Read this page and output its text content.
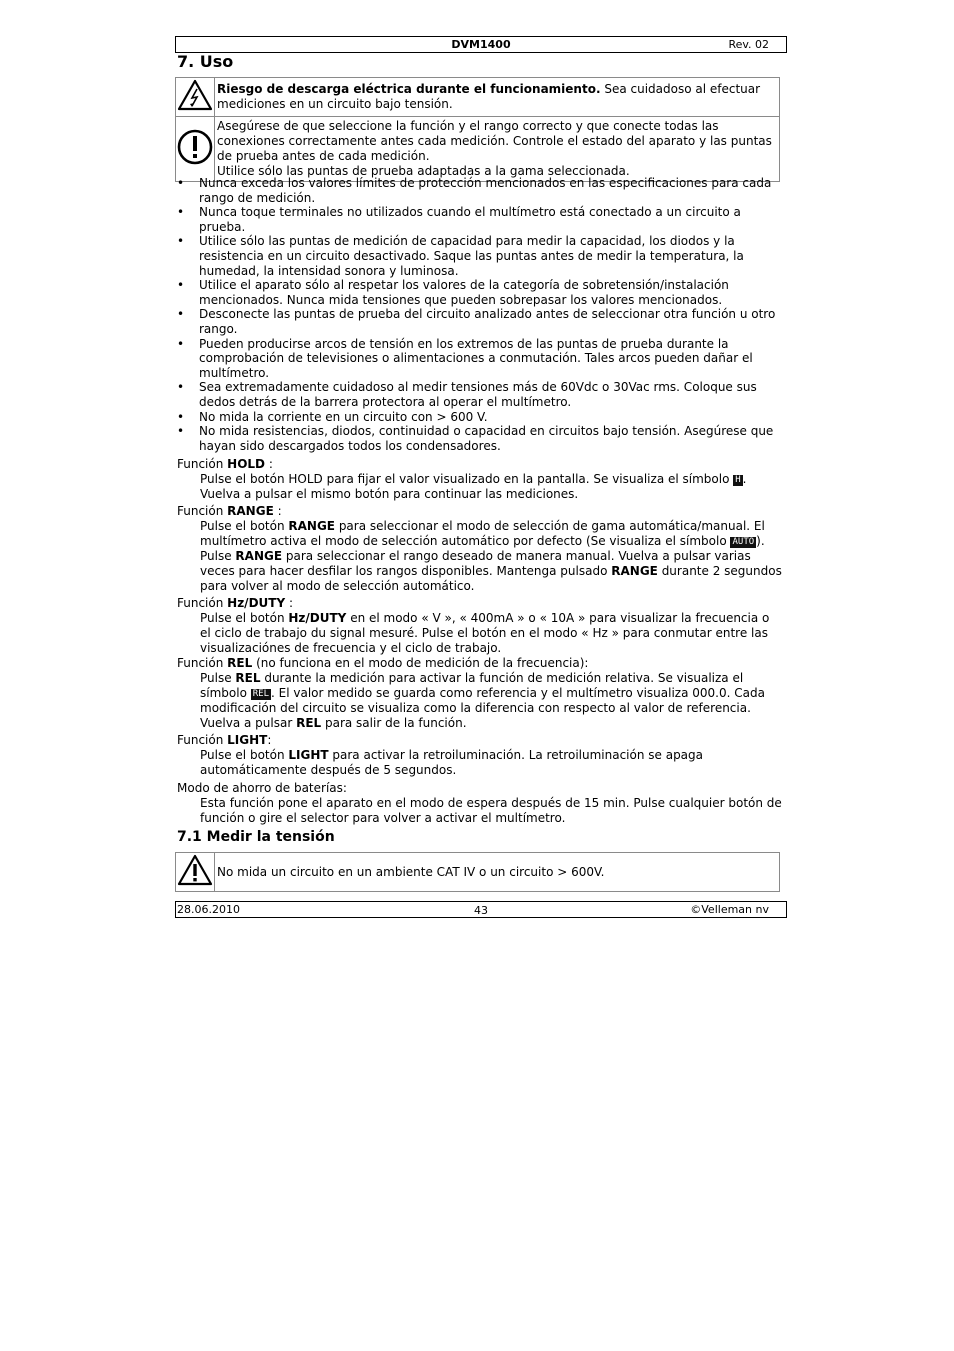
DVM1400	Rev. 02
7. Uso
	Riesgo de descarga eléctrica durante el funcionamiento. Sea cuidadoso al efectuar mediciones en un circuito bajo tensión.

Asegúrese de que seleccione la función y el rango correcto y que conecte todas las conexiones correctamente antes cada medición. Controle el estado del aparato y las puntas de prueba antes de cada medición.
Utilice sólo las puntas de prueba adaptadas a la gama seleccionada.
• Nunca exceda los valores límites de protección mencionados en las especificaciones para cada rango de medición.
• Nunca toque terminales no utilizados cuando el multímetro está conectado a un circuito a prueba.
• Utilice sólo las puntas de medición de capacidad para medir la capacidad, los diodos y la resistencia en un circuito desactivado. Saque las puntas antes de medir la temperatura, la humedad, la intensidad sonora y luminosa.
• Utilice el aparato sólo al respetar los valores de la categoría de sobretensión/instalación mencionados. Nunca mida tensiones que pueden sobrepasar los valores mencionados.
• Desconecte las puntas de prueba del circuito analizado antes de seleccionar otra función u otro rango.
• Pueden producirse arcos de tensión en los extremos de las puntas de prueba durante la comprobación de televisiones o alimentaciones a conmutación. Tales arcos pueden dañar el multímetro.
• Sea extremadamente cuidadoso al medir tensiones más de 60Vdc o 30Vac rms. Coloque sus dedos detrás de la barrera protectora al operar el multímetro.
• No mida la corriente en un circuito con > 600 V.
• No mida resistencias, diodos, continuidad o capacidad en circuitos bajo tensión. Asegúrese que hayan sido descargados todos los condensadores.
Función HOLD :
Pulse el botón HOLD para fijar el valor visualizado en la pantalla. Se visualiza el símbolo H . Vuelva a pulsar el mismo botón para continuar las mediciones.
Función RANGE :
Pulse el botón RANGE para seleccionar el modo de selección de gama automática/manual. El multímetro activa el modo de selección automático por defecto (Se visualiza el símbolo AUTO ). Pulse RANGE para seleccionar el rango deseado de manera manual. Vuelva a pulsar varias veces para hacer desfilar los rangos disponibles. Mantenga pulsado RANGE durante 2 segundos para volver al modo de selección automático.
Función Hz/DUTY :
Pulse el botón Hz/DUTY en el modo « V », « 400mA » o « 10A » para visualizar la frecuencia o el ciclo de trabajo du signal mesuré. Pulse el botón en el modo « Hz » para conmutar entre las visualizaciónes de frecuencia y el ciclo de trabajo.
Función REL (no funciona en el modo de medición de la frecuencia):
Pulse REL durante la medición para activar la función de medición relativa. Se visualiza el símbolo REL . El valor medido se guarda como referencia y el multímetro visualiza 000.0. Cada modificación del circuito se visualiza como la diferencia con respecto al valor de referencia. Vuelva a pulsar REL para salir de la función.
Función LIGHT:
Pulse el botón LIGHT para activar la retroiluminación. La retroiluminación se apaga automáticamente después de 5 segundos.
Modo de ahorro de baterías:
Esta función pone el aparato en el modo de espera después de 15 min. Pulse cualquier botón de función o gire el selector para volver a activar el multímetro.
7.1 Medir la tensión
	No mida un circuito en un ambiente CAT IV o un circuito > 600V.
28.06.2010	43	©Velleman nv
